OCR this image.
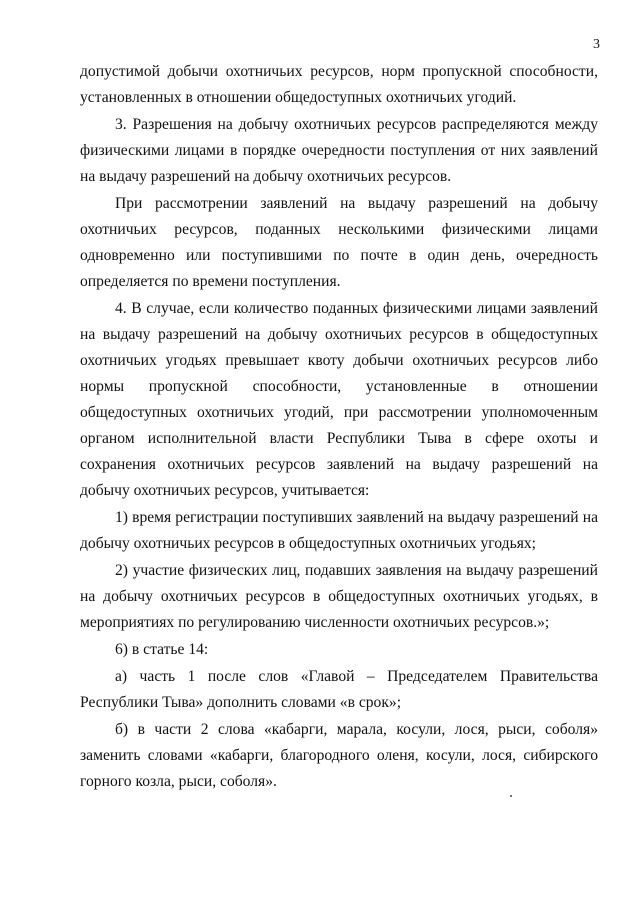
3

допустимой добычи охотничьих ресурсов, норм пропускной способности, установленных в отношении общедоступных охотничьих угодий.

3. Разрешения на добычу охотничьих ресурсов распределяются между физическими лицами в порядке очередности поступления от них заявлений на выдачу разрешений на добычу охотничьих ресурсов.

При рассмотрении заявлений на выдачу разрешений на добычу охотничьих ресурсов, поданных несколькими физическими лицами одновременно или поступившими по почте в один день, очередность определяется по времени поступления.

4. В случае, если количество поданных физическими лицами заявлений на выдачу разрешений на добычу охотничьих ресурсов в общедоступных охотничьих угодьях превышает квоту добычи охотничьих ресурсов либо нормы пропускной способности, установленные в отношении общедоступных охотничьих угодий, при рассмотрении уполномоченным органом исполнительной власти Республики Тыва в сфере охоты и сохранения охотничьих ресурсов заявлений на выдачу разрешений на добычу охотничьих ресурсов, учитывается:

1) время регистрации поступивших заявлений на выдачу разрешений на добычу охотничьих ресурсов в общедоступных охотничьих угодьях;

2) участие физических лиц, подавших заявления на выдачу разрешений на добычу охотничьих ресурсов в общедоступных охотничьих угодьях, в мероприятиях по регулированию численности охотничьих ресурсов.»;

6) в статье 14:

а) часть 1 после слов «Главой – Председателем Правительства Республики Тыва» дополнить словами «в срок»;

б) в части 2 слова «кабарги, марала, косули, лося, рыси, соболя» заменить словами «кабарги, благородного оленя, косули, лося, сибирского горного козла, рыси, соболя».
